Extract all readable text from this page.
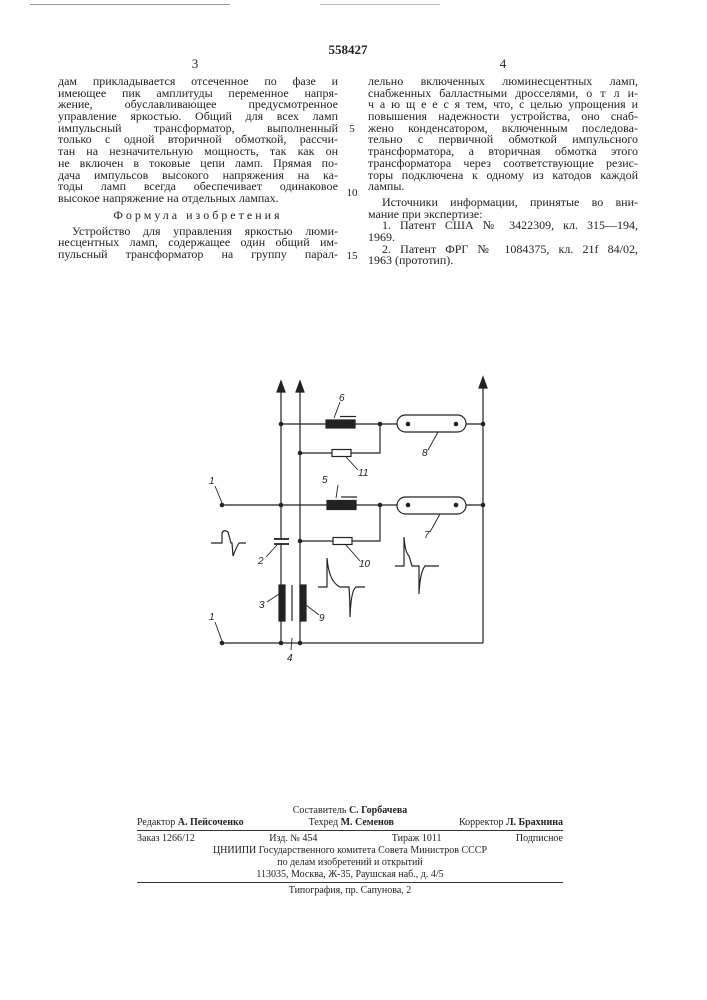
558427
3	4
дам прикладывается отсеченное по фазе и
имеющее пик амплитуды переменное напря-
жение, обуславливающее предусмотренное
управление яркостью. Общий для всех ламп
импульсный трансформатор, выполненный
только с одной вторичной обмоткой, рассчи-
тан на незначительную мощность, так как он
не включен в токовые цепи ламп. Прямая по-
дача импульсов высокого напряжения на ка-
тоды ламп всегда обеспечивает одинаковое
высокое напряжение на отдельных лампах.
Формула изобретения
Устройство для управления яркостью люми-
несцентных ламп, содержащее один общий им-
пульсный трансформатор на группу парал-
5
10
15
лельно включенных люминесцентных ламп,
снабженных балластными дросселями, о т л и-
ч а ю щ е е с я тем, что, с целью упрощения и
повышения надежности устройства, оно снаб-
жено конденсатором, включенным последова-
тельно с первичной обмоткой импульсного
трансформатора, а вторичная обмотка этого
трансформатора через соответствующие резис-
торы подключена к одному из катодов каждой
лампы.
Источники информации, принятые во вни-
мание при экспертизе:
1. Патент США № 3422309, кл. 315—194,
1969.
2. Патент ФРГ № 1084375, кл. 21f 84/02,
1963 (прототип).
1
1
2
3
4
5
6
7
8
9
10
11
Составитель С. Горбачева
Редактор А. Пейсоченко	Техред М. Семенов	Корректор Л. Брахнина
Заказ 1266/12	Изд. № 454	Тираж 1011	Подписное
ЦНИИПИ Государственного комитета Совета Министров СССР
по делам изобретений и открытий
113035, Москва, Ж-35, Раушская наб., д. 4/5
Типография, пр. Сапунова, 2
